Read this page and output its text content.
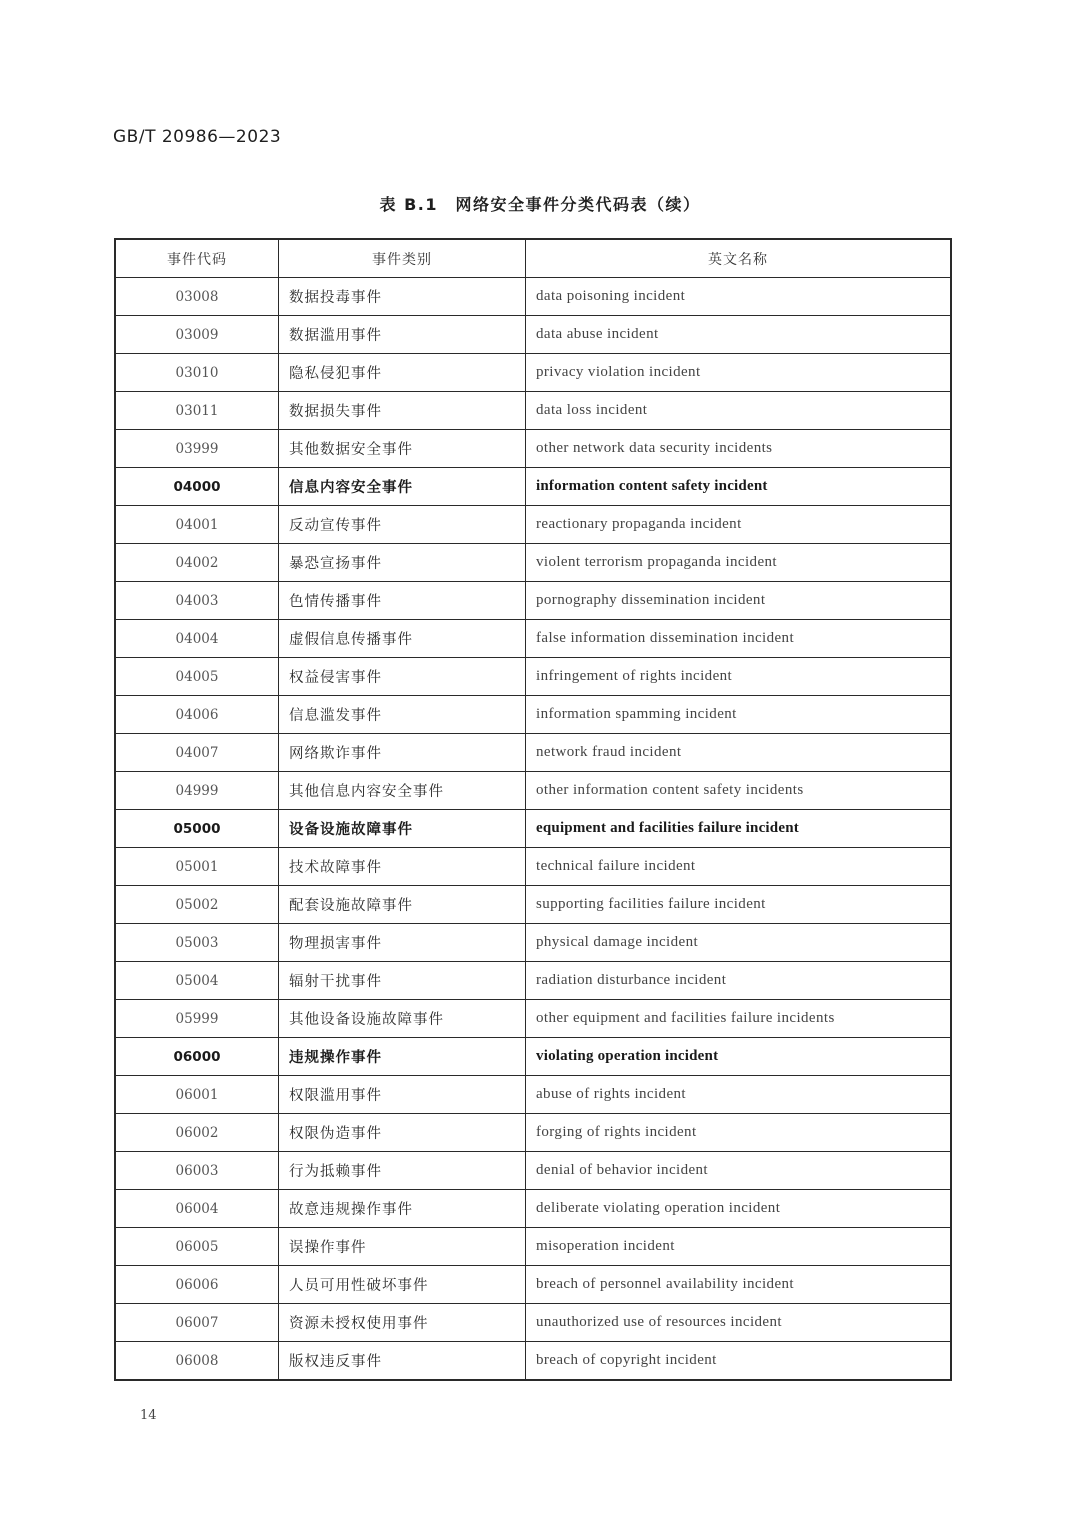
GB/T 20986—2023
表 B.1　网络安全事件分类代码表（续）
事件代码	事件类别	英文名称
03008	数据投毒事件	data poisoning incident
03009	数据滥用事件	data abuse incident
03010	隐私侵犯事件	privacy violation incident
03011	数据损失事件	data loss incident
03999	其他数据安全事件	other network data security incidents
04000	信息内容安全事件	information content safety incident
04001	反动宣传事件	reactionary propaganda incident
04002	暴恐宣扬事件	violent terrorism propaganda incident
04003	色情传播事件	pornography dissemination incident
04004	虚假信息传播事件	false information dissemination incident
04005	权益侵害事件	infringement of rights incident
04006	信息滥发事件	information spamming incident
04007	网络欺诈事件	network fraud incident
04999	其他信息内容安全事件	other information content safety incidents
05000	设备设施故障事件	equipment and facilities failure incident
05001	技术故障事件	technical failure incident
05002	配套设施故障事件	supporting facilities failure incident
05003	物理损害事件	physical damage incident
05004	辐射干扰事件	radiation disturbance incident
05999	其他设备设施故障事件	other equipment and facilities failure incidents
06000	违规操作事件	violating operation incident
06001	权限滥用事件	abuse of rights incident
06002	权限伪造事件	forging of rights incident
06003	行为抵赖事件	denial of behavior incident
06004	故意违规操作事件	deliberate violating operation incident
06005	误操作事件	misoperation incident
06006	人员可用性破坏事件	breach of personnel availability incident
06007	资源未授权使用事件	unauthorized use of resources incident
06008	版权违反事件	breach of copyright incident
14
